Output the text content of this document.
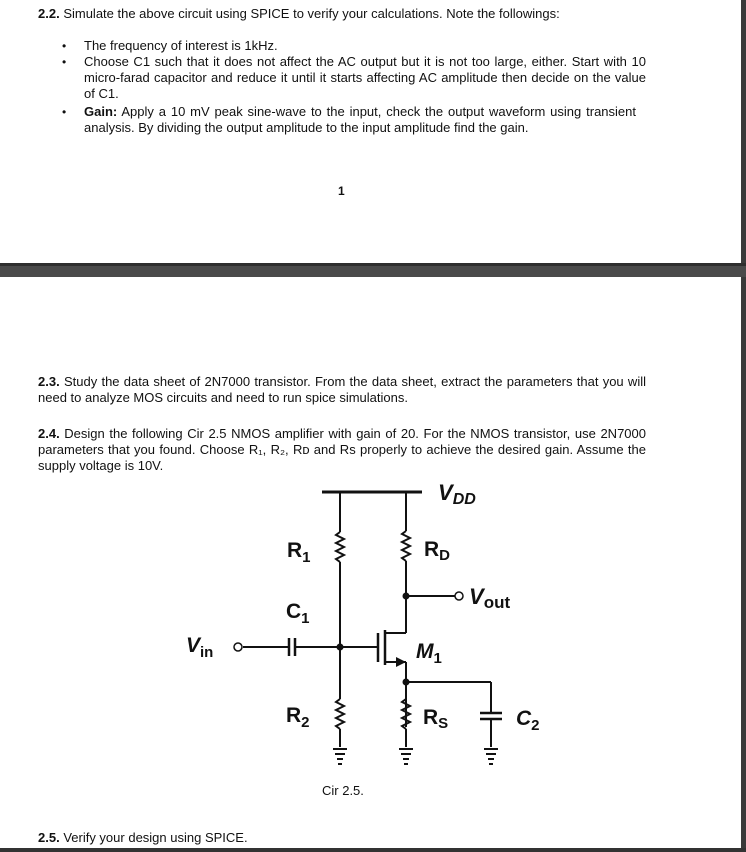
2.2. Simulate the above circuit using SPICE to verify your calculations. Note the followings:
• The frequency of interest is 1kHz.
• Choose C1 such that it does not affect the AC output but it is not too large, either. Start with 10 micro-farad capacitor and reduce it until it starts affecting AC amplitude then decide on the value of C1.
• Gain: Apply a 10 mV peak sine-wave to the input, check the output waveform using transient analysis. By dividing the output amplitude to the input amplitude find the gain.
1
2.3. Study the data sheet of 2N7000 transistor. From the data sheet, extract the parameters that you will need to analyze MOS circuits and need to run spice simulations.
2.4. Design the following Cir 2.5 NMOS amplifier with gain of 20. For the NMOS transistor, use 2N7000 parameters that you found. Choose R₁, R₂, Rᴅ and Rs properly to achieve the desired gain. Assume the supply voltage is 10V.
VDD
$R_1$	RD
Vout
$C_1$
$V_{in}$	$M_1$
$R_2$	RS	$C_2$
Cir 2.5.
2.5. Verify your design using SPICE.
